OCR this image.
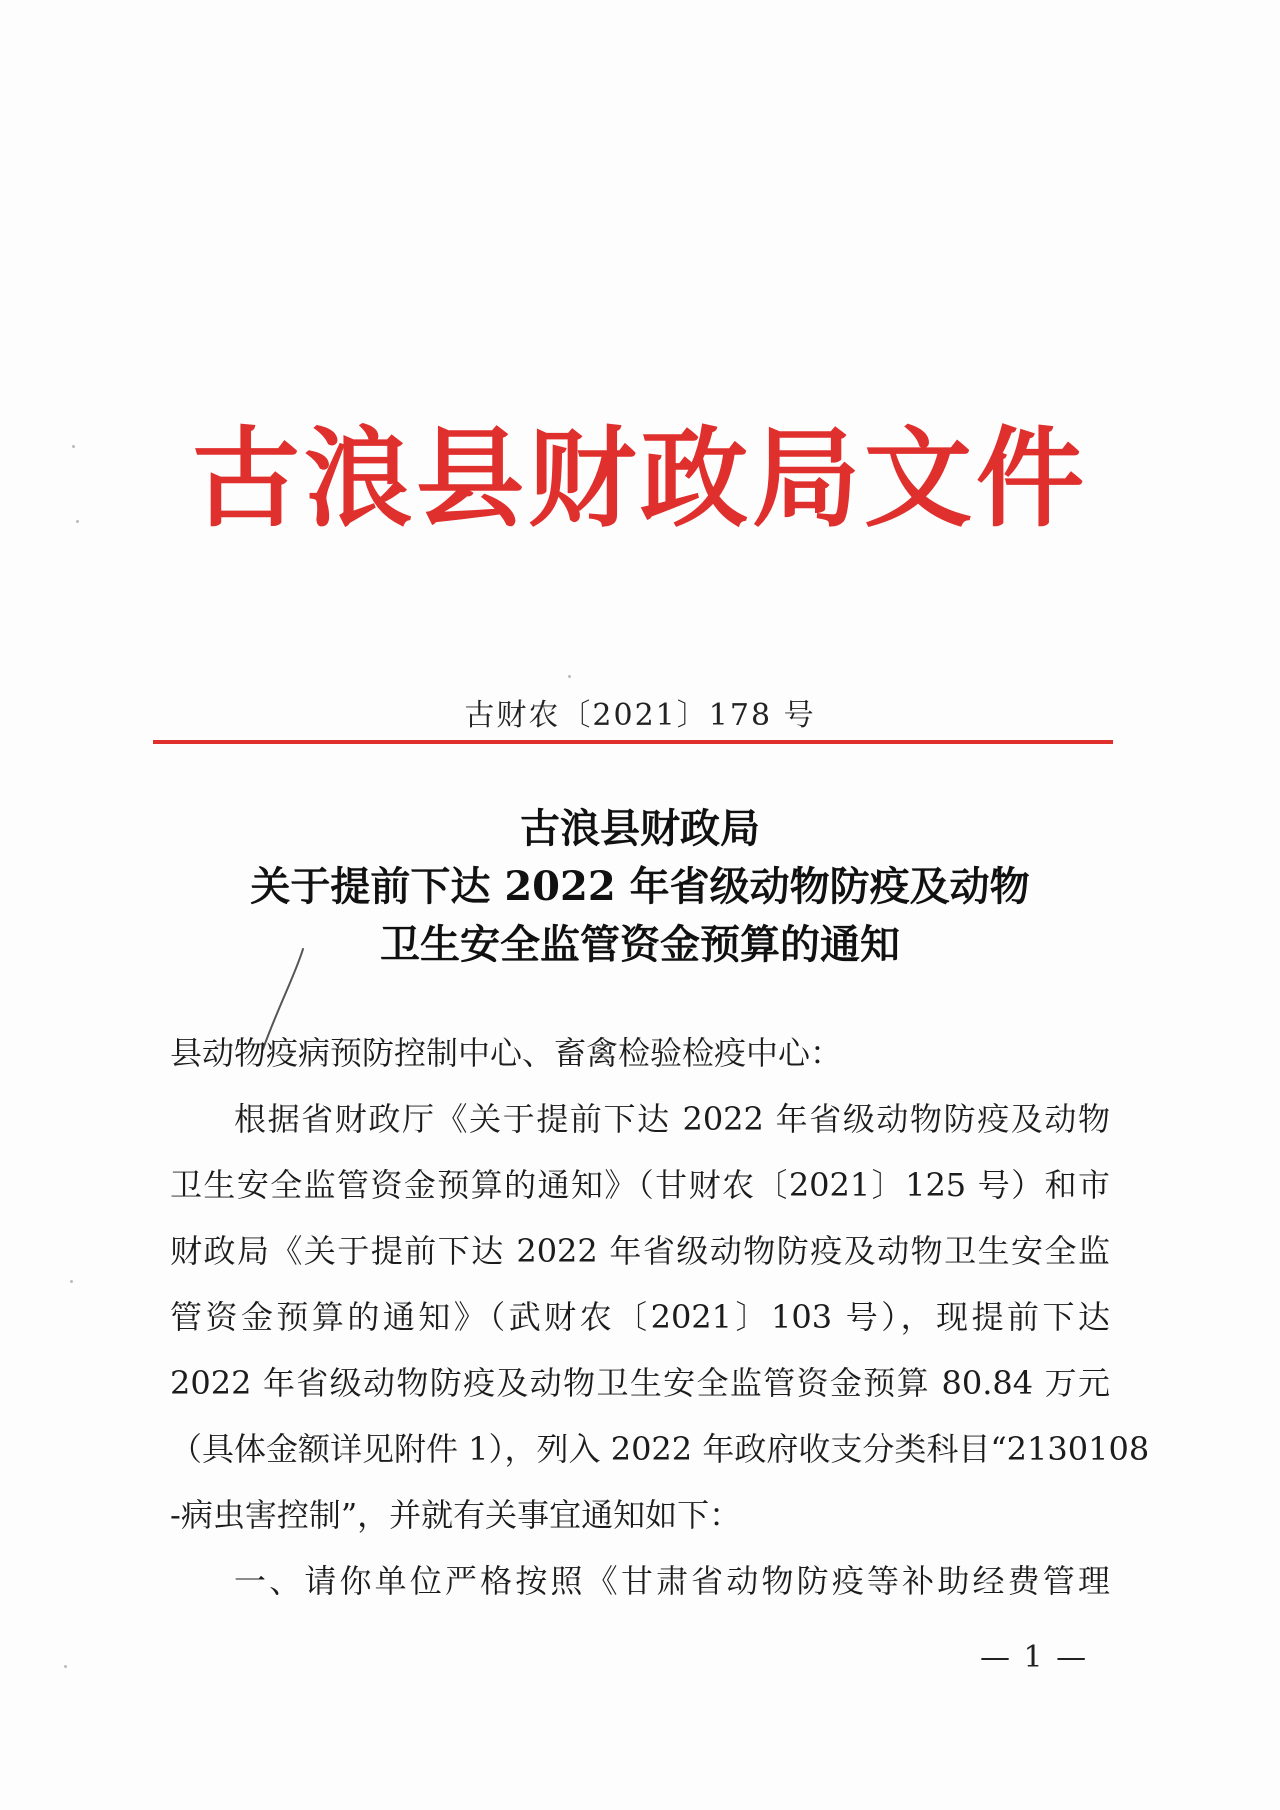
古浪县财政局文件
古财农〔2021〕178 号
古浪县财政局
关于提前下达 2022 年省级动物防疫及动物
卫生安全监管资金预算的通知
县动物疫病预防控制中心、畜禽检验检疫中心：
根据省财政厅《关于提前下达 2022 年省级动物防疫及动物
卫生安全监管资金预算的通知》（甘财农〔2021〕125 号）和市
财政局《关于提前下达 2022 年省级动物防疫及动物卫生安全监
管资金预算的通知》（武财农〔2021〕103 号），现提前下达
2022 年省级动物防疫及动物卫生安全监管资金预算 80.84 万元
（具体金额详见附件 1），列入 2022 年政府收支分类科目“2130108
-病虫害控制”，并就有关事宜通知如下：
一、请你单位严格按照《甘肃省动物防疫等补助经费管理
— 1 —
